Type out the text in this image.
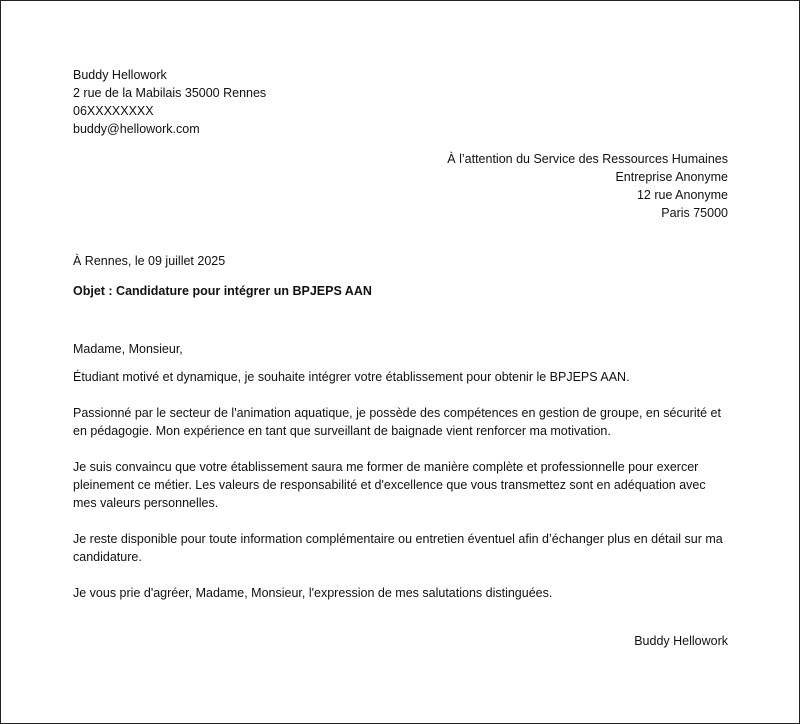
Buddy Hellowork
2 rue de la Mabilais 35000 Rennes
06XXXXXXXX
buddy@hellowork.com
À l’attention du Service des Ressources Humaines
Entreprise Anonyme
12 rue Anonyme
Paris 75000
À Rennes, le 09 juillet 2025
Objet : Candidature pour intégrer un BPJEPS AAN
Madame, Monsieur,

Étudiant motivé et dynamique, je souhaite intégrer votre établissement pour obtenir le BPJEPS AAN.

Passionné par le secteur de l'animation aquatique, je possède des compétences en gestion de groupe, en sécurité et en pédagogie. Mon expérience en tant que surveillant de baignade vient renforcer ma motivation.

Je suis convaincu que votre établissement saura me former de manière complète et professionnelle pour exercer pleinement ce métier. Les valeurs de responsabilité et d'excellence que vous transmettez sont en adéquation avec mes valeurs personnelles.

Je reste disponible pour toute information complémentaire ou entretien éventuel afin d’échanger plus en détail sur ma candidature.

Je vous prie d'agréer, Madame, Monsieur, l'expression de mes salutations distinguées.

Buddy Hellowork
